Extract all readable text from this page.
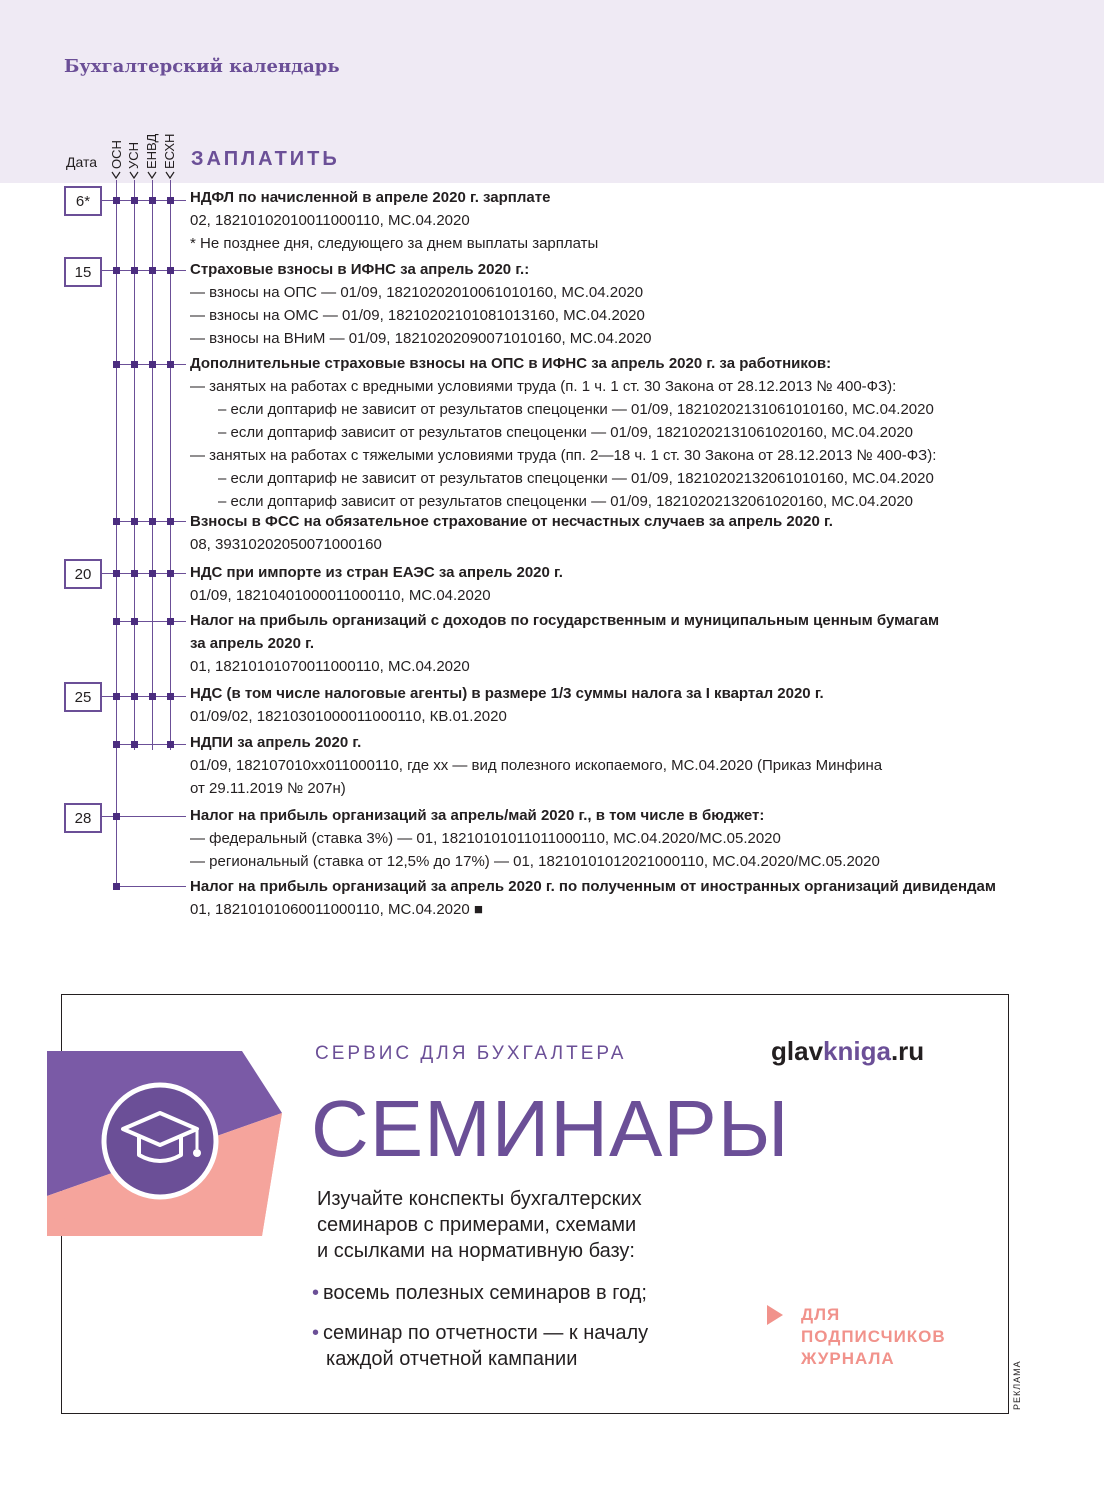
Бухгалтерский календарь
Дата ОСН УСН ЕНВД ЕСХН ЗАПЛАТИТЬ
6*
15
20
25
28
НДФЛ по начисленной в апреле 2020 г. зарплате
02, 18210102010011000110, МС.04.2020
* Не позднее дня, следующего за днем выплаты зарплаты
Страховые взносы в ИФНС за апрель 2020 г.:
— взносы на ОПС — 01/09, 18210202010061010160, МС.04.2020
— взносы на ОМС — 01/09, 18210202101081013160, МС.04.2020
— взносы на ВНиМ — 01/09, 18210202090071010160, МС.04.2020
Дополнительные страховые взносы на ОПС в ИФНС за апрель 2020 г. за работников:
— занятых на работах с вредными условиями труда (п. 1 ч. 1 ст. 30 Закона от 28.12.2013 № 400-ФЗ):
– если доптариф не зависит от результатов спецоценки — 01/09, 18210202131061010160, МС.04.2020
– если доптариф зависит от результатов спецоценки — 01/09, 18210202131061020160, МС.04.2020
— занятых на работах с тяжелыми условиями труда (пп. 2—18 ч. 1 ст. 30 Закона от 28.12.2013 № 400-ФЗ):
– если доптариф не зависит от результатов спецоценки — 01/09, 18210202132061010160, МС.04.2020
– если доптариф зависит от результатов спецоценки — 01/09, 18210202132061020160, МС.04.2020
Взносы в ФСС на обязательное страхование от несчастных случаев за апрель 2020 г.
08, 39310202050071000160
НДС при импорте из стран ЕАЭС за апрель 2020 г.
01/09, 18210401000011000110, МС.04.2020
Налог на прибыль организаций с доходов по государственным и муниципальным ценным бумагам
за апрель 2020 г.
01, 18210101070011000110, МС.04.2020
НДС (в том числе налоговые агенты) в размере 1/3 суммы налога за I квартал 2020 г.
01/09/02, 18210301000011000110, КВ.01.2020
НДПИ за апрель 2020 г.
01/09, 182107010xx011000110, где xx — вид полезного ископаемого, МС.04.2020 (Приказ Минфина
от 29.11.2019 № 207н)
Налог на прибыль организаций за апрель/май 2020 г., в том числе в бюджет:
— федеральный (ставка 3%) — 01, 18210101011011000110, МС.04.2020/МС.05.2020
— региональный (ставка от 12,5% до 17%) — 01, 18210101012021000110, МС.04.2020/МС.05.2020
Налог на прибыль организаций за апрель 2020 г. по полученным от иностранных организаций дивидендам
01, 18210101060011000110, МС.04.2020 ■
СЕРВИС ДЛЯ БУХГАЛТЕРА	glavkniga.ru
СЕМИНАРЫ
Изучайте конспекты бухгалтерских
семинаров с примерами, схемами
и ссылками на нормативную базу:
• восемь полезных семинаров в год;
• семинар по отчетности — к началу
каждой отчетной кампании
ДЛЯ
ПОДПИСЧИКОВ
ЖУРНАЛА
РЕКЛАМА
